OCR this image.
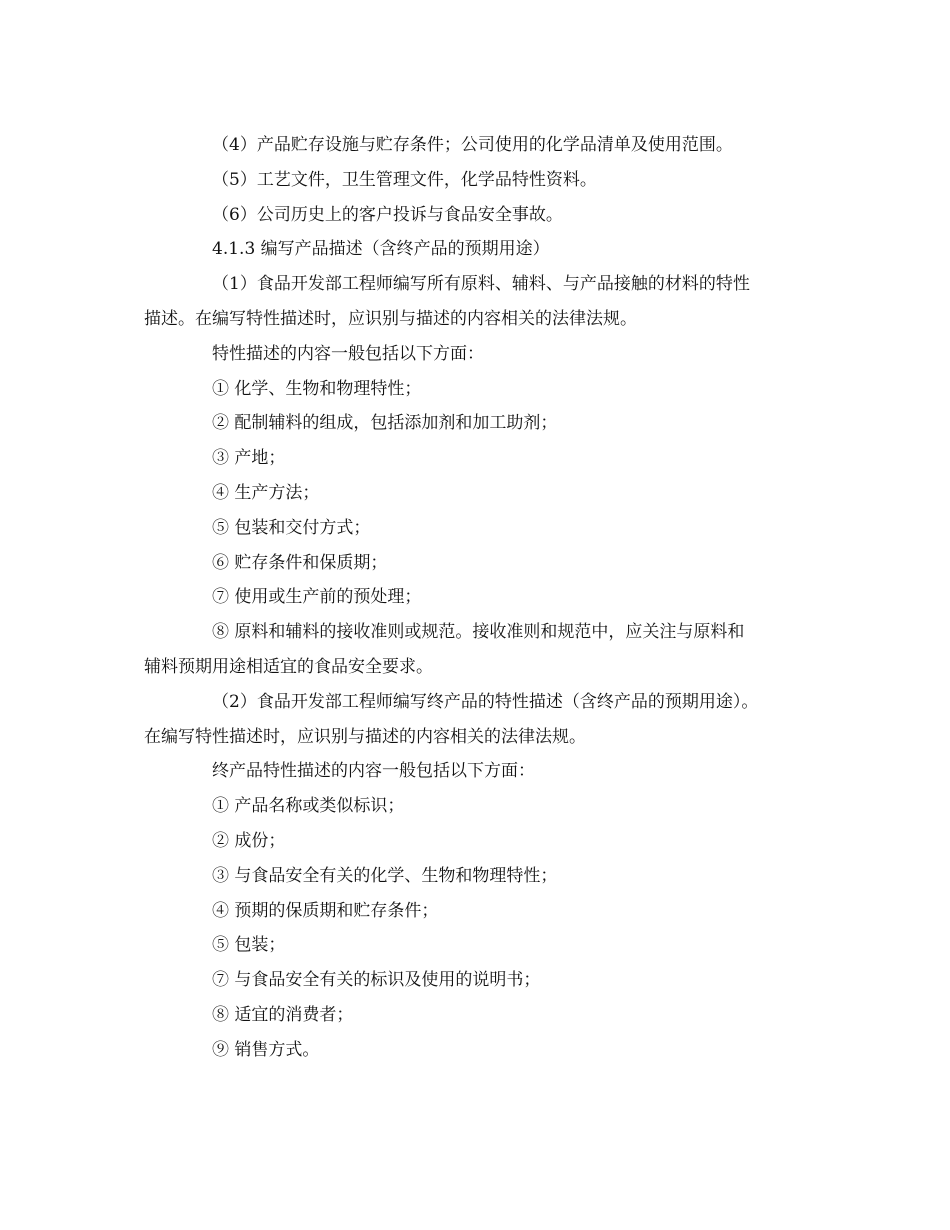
（4）产品贮存设施与贮存条件；公司使用的化学品清单及使用范围。

（5）工艺文件，卫生管理文件，化学品特性资料。

（6）公司历史上的客户投诉与食品安全事故。

4.1.3 编写产品描述（含终产品的预期用途）

（1）食品开发部工程师编写所有原料、辅料、与产品接触的材料的特性

描述。在编写特性描述时，应识别与描述的内容相关的法律法规。

特性描述的内容一般包括以下方面：

① 化学、生物和物理特性；

② 配制辅料的组成，包括添加剂和加工助剂；

③ 产地；

④ 生产方法；

⑤ 包装和交付方式；

⑥ 贮存条件和保质期；

⑦ 使用或生产前的预处理；

⑧ 原料和辅料的接收准则或规范。接收准则和规范中，应关注与原料和

辅料预期用途相适宜的食品安全要求。

（2）食品开发部工程师编写终产品的特性描述（含终产品的预期用途）。

在编写特性描述时，应识别与描述的内容相关的法律法规。

终产品特性描述的内容一般包括以下方面：

① 产品名称或类似标识；

② 成份；

③ 与食品安全有关的化学、生物和物理特性；

④ 预期的保质期和贮存条件；

⑤ 包装；

⑦ 与食品安全有关的标识及使用的说明书；

⑧ 适宜的消费者；

⑨ 销售方式。
